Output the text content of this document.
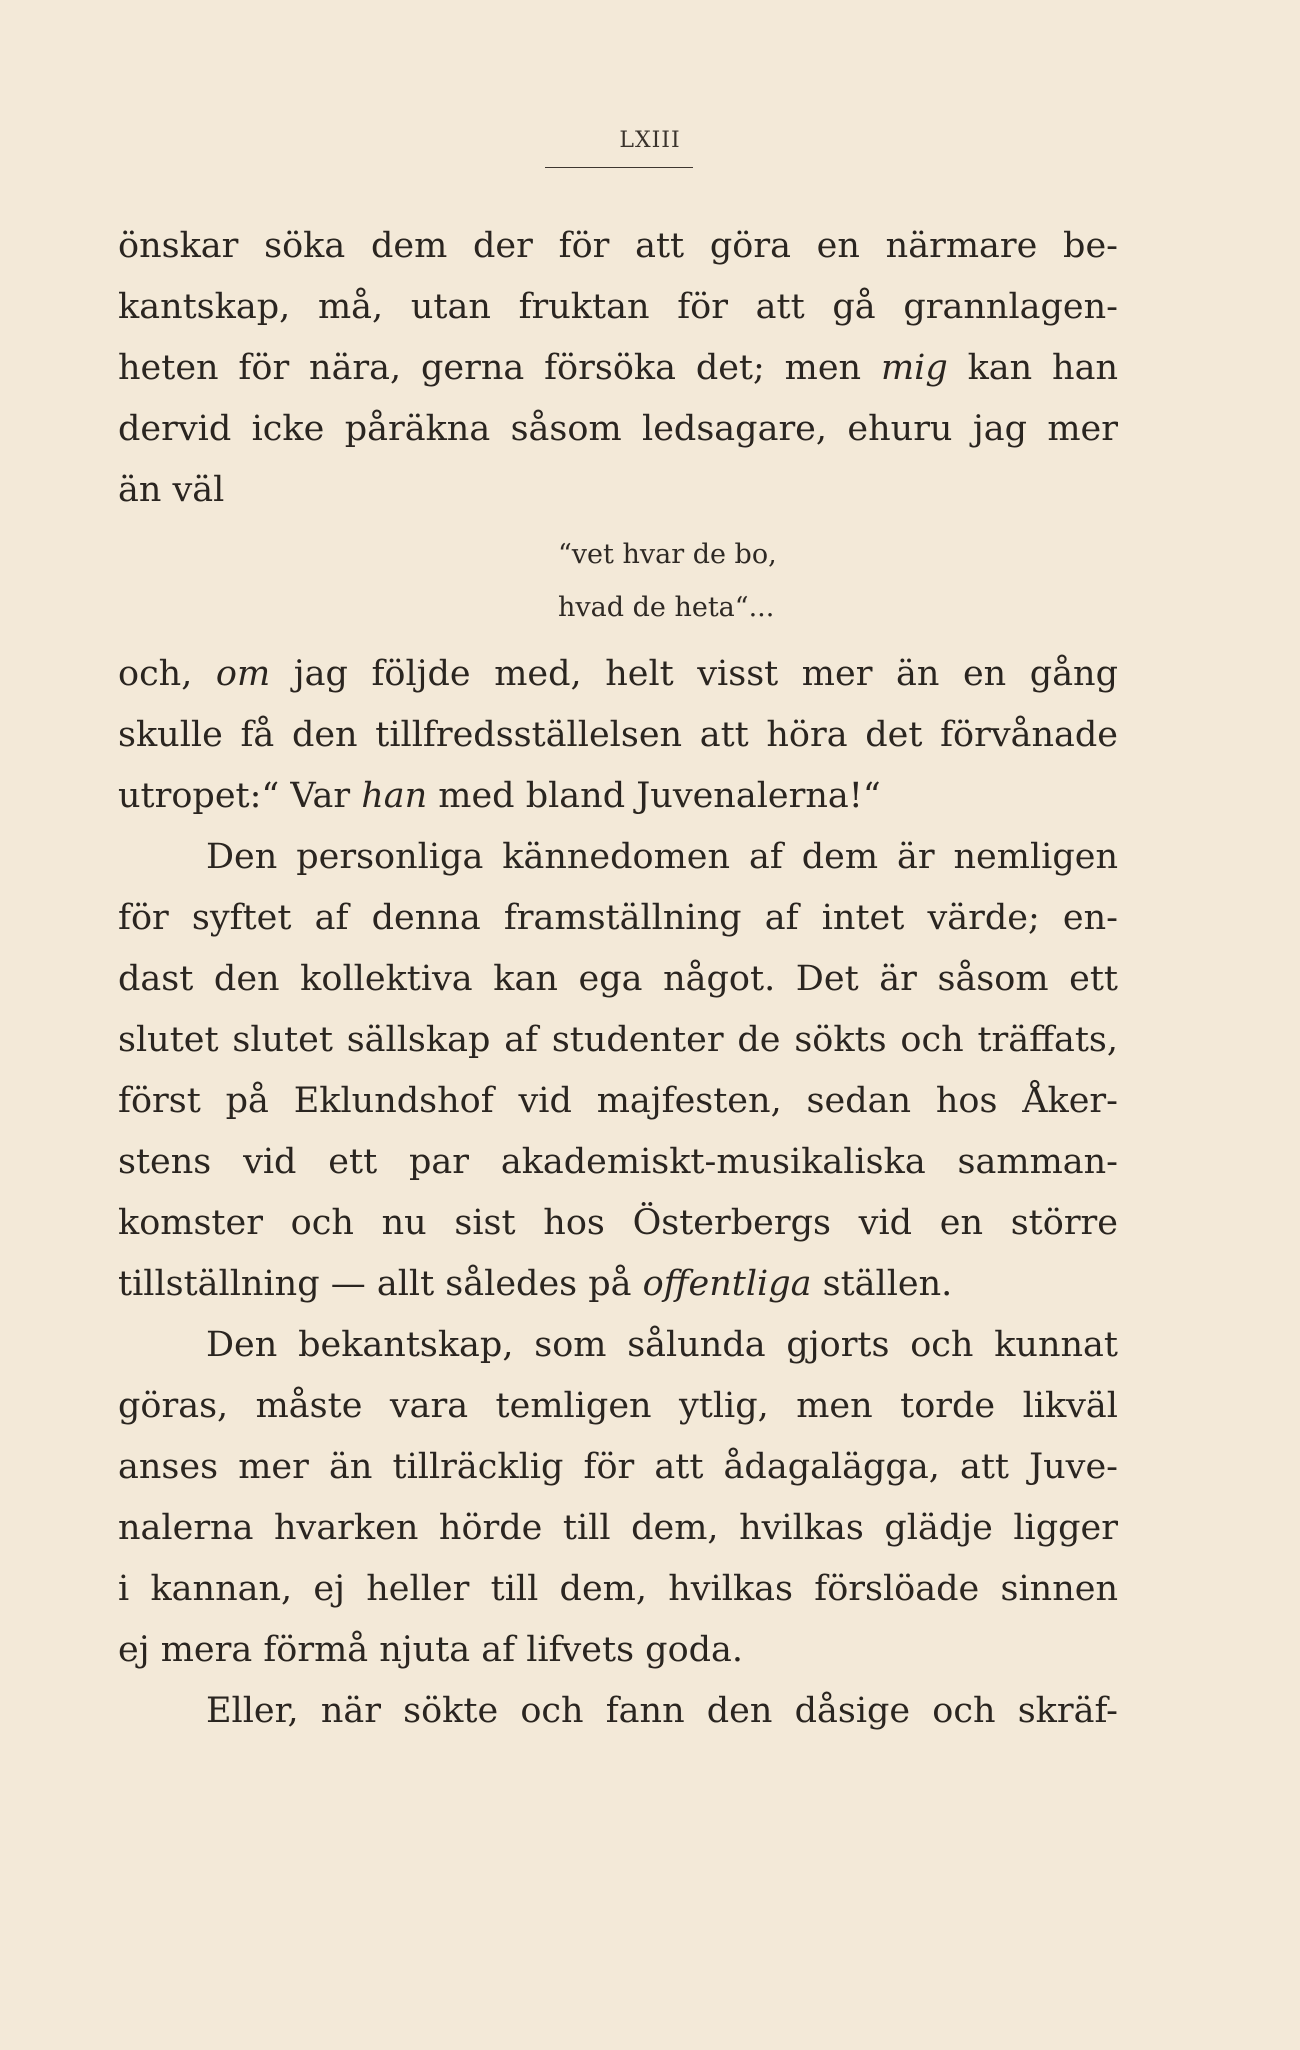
LXIII
önskar söka dem der för att göra en närmare be-
kantskap, må, utan fruktan för att gå grannlagen-
heten för nära, gerna försöka det; men mig kan han
dervid icke påräkna såsom ledsagare, ehuru jag mer
än väl
“vet hvar de bo,
hvad de heta“...
och, om jag följde med, helt visst mer än en gång
skulle få den tillfredsställelsen att höra det förvånade
utropet:“ Var han med bland Juvenalerna!“
Den personliga kännedomen af dem är nemligen
för syftet af denna framställning af intet värde; en-
dast den kollektiva kan ega något. Det är såsom ett
slutet slutet sällskap af studenter de sökts och träffats,
först på Eklundshof vid majfesten, sedan hos Åker-
stens vid ett par akademiskt-musikaliska samman-
komster och nu sist hos Österbergs vid en större
tillställning — allt således på offentliga ställen.
Den bekantskap, som sålunda gjorts och kunnat
göras, måste vara temligen ytlig, men torde likväl
anses mer än tillräcklig för att ådagalägga, att Juve-
nalerna hvarken hörde till dem, hvilkas glädje ligger
i kannan, ej heller till dem, hvilkas förslöade sinnen
ej mera förmå njuta af lifvets goda.
Eller, när sökte och fann den dåsige och skräf-
